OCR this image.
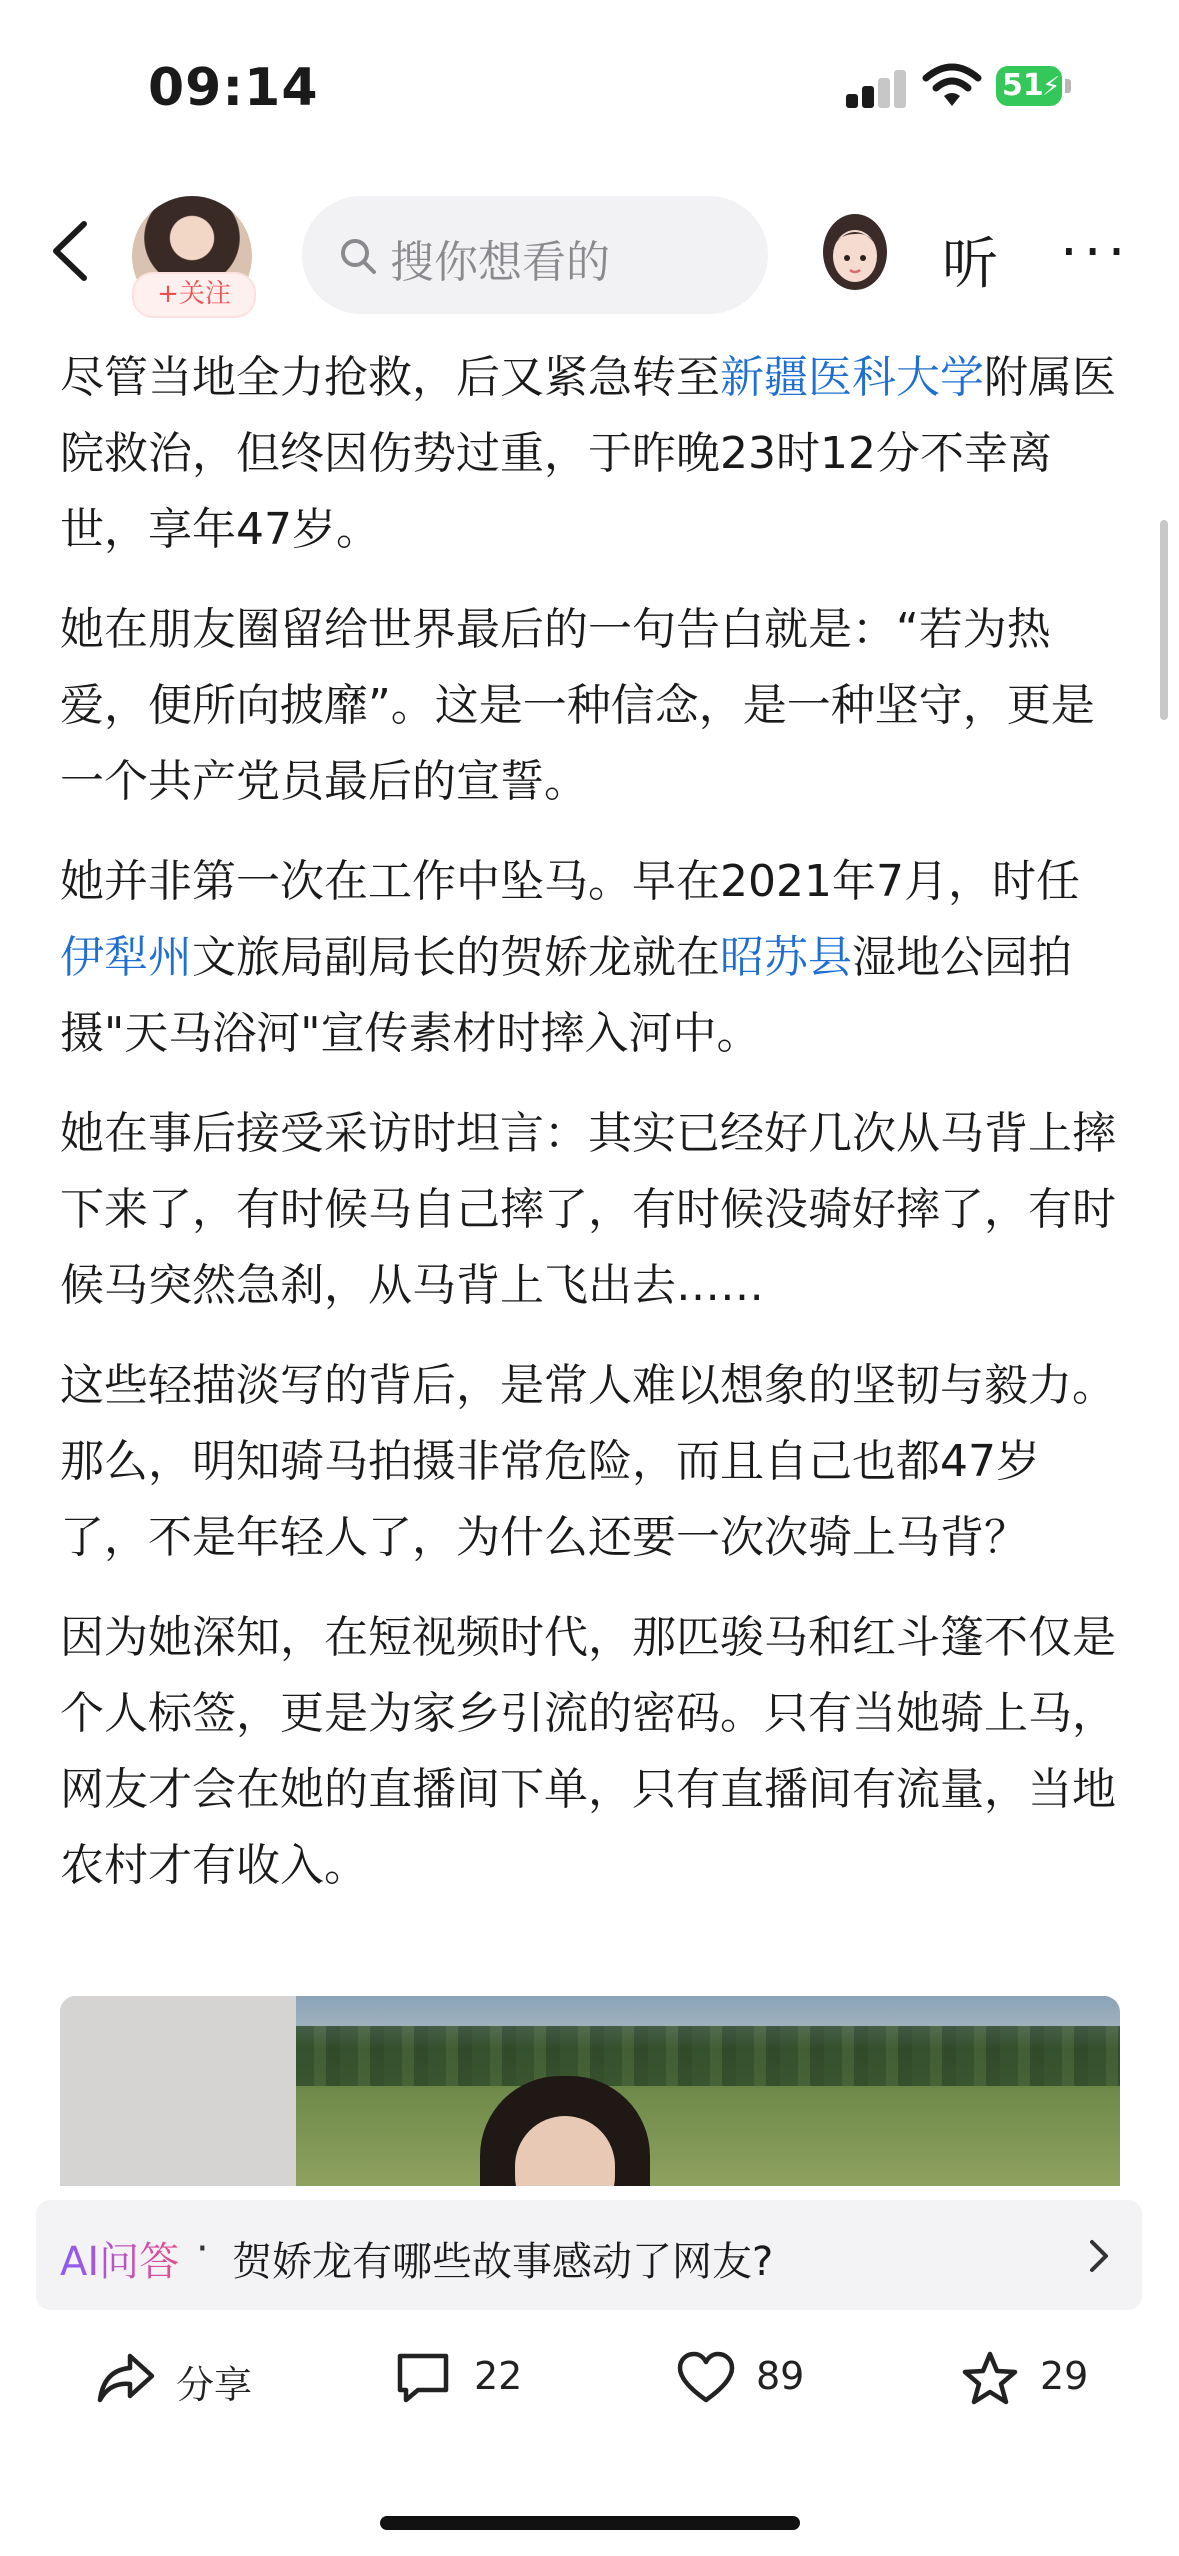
09:14	51
⚡
+关注
搜你想看的	听 ···

尽管当地全力抢救，后又紧急转至新疆医科大学附属医院救治，但终因伤势过重，于昨晚23时12分不幸离世，享年47岁。

她在朋友圈留给世界最后的一句告白就是：“若为热爱，便所向披靡”。这是一种信念，是一种坚守，更是一个共产党员最后的宣誓。

她并非第一次在工作中坠马。早在2021年7月，时任伊犁州文旅局副局长的贺娇龙就在昭苏县湿地公园拍摄"天马浴河"宣传素材时摔入河中。

她在事后接受采访时坦言：其实已经好几次从马背上摔下来了，有时候马自己摔了，有时候没骑好摔了，有时候马突然急刹，从马背上飞出去……

这些轻描淡写的背后，是常人难以想象的坚韧与毅力。那么，明知骑马拍摄非常危险，而且自己也都47岁了，不是年轻人了，为什么还要一次次骑上马背？

因为她深知，在短视频时代，那匹骏马和红斗篷不仅是个人标签，更是为家乡引流的密码。只有当她骑上马，网友才会在她的直播间下单，只有直播间有流量，当地农村才有收入。

AI问答 · 贺娇龙有哪些故事感动了网友?
分享	22	89	29
